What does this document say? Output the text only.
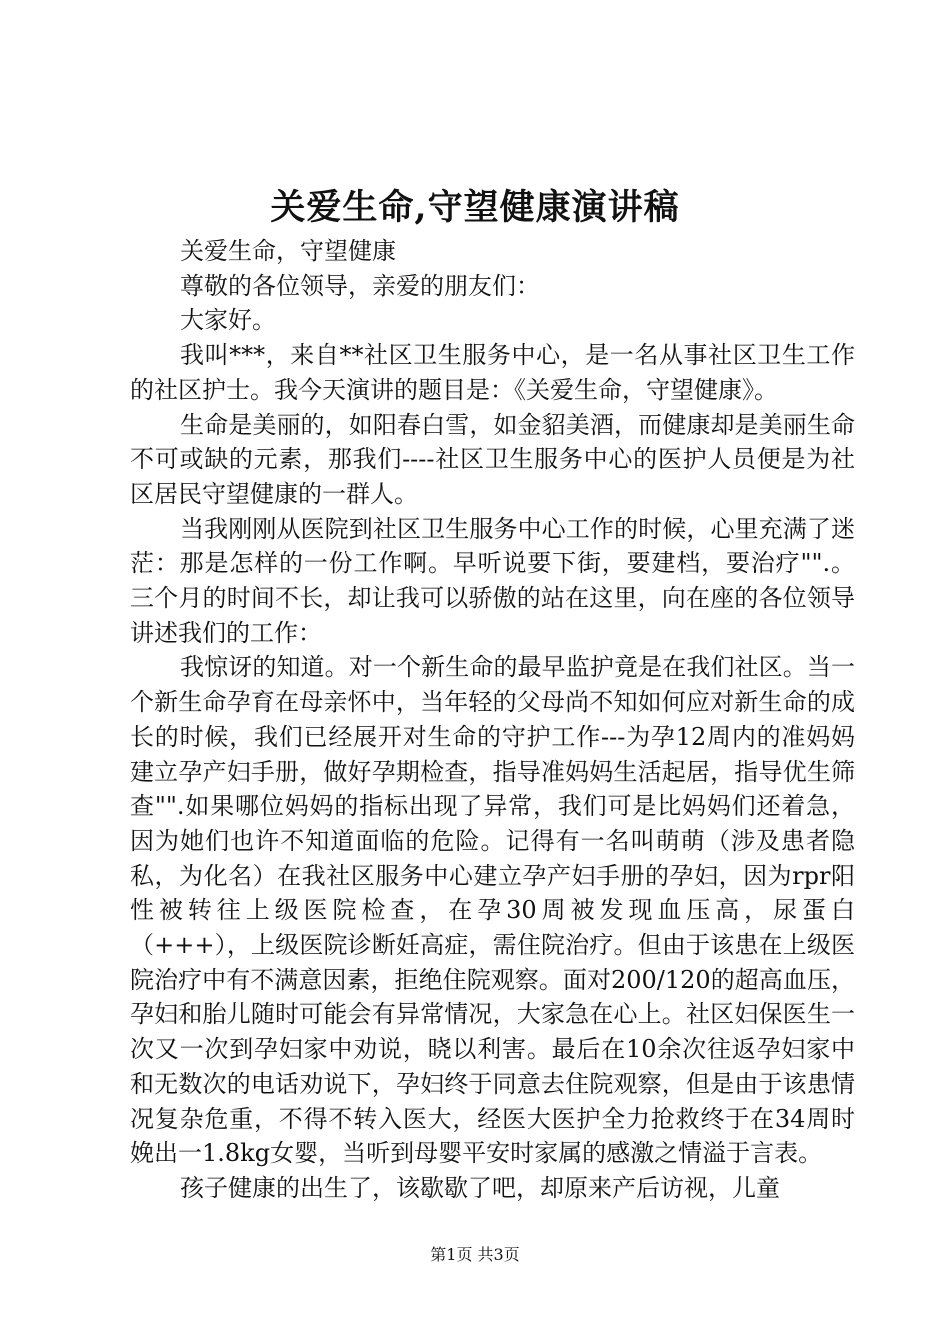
关爱生命,守望健康演讲稿

关爱生命，守望健康

尊敬的各位领导，亲爱的朋友们：

大家好。

我叫***，来自**社区卫生服务中心，是一名从事社区卫生工作的社区护士。我今天演讲的题目是：《关爱生命，守望健康》。

生命是美丽的，如阳春白雪，如金貂美酒，而健康却是美丽生命不可或缺的元素，那我们----社区卫生服务中心的医护人员便是为社区居民守望健康的一群人。

当我刚刚从医院到社区卫生服务中心工作的时候，心里充满了迷茫：那是怎样的一份工作啊。早听说要下街，要建档，要治疗"".。三个月的时间不长，却让我可以骄傲的站在这里，向在座的各位领导讲述我们的工作：

我惊讶的知道。对一个新生命的最早监护竟是在我们社区。当一个新生命孕育在母亲怀中，当年轻的父母尚不知如何应对新生命的成长的时候，我们已经展开对生命的守护工作---为孕12周内的准妈妈建立孕产妇手册，做好孕期检查，指导准妈妈生活起居，指导优生筛查"".如果哪位妈妈的指标出现了异常，我们可是比妈妈们还着急，因为她们也许不知道面临的危险。记得有一名叫萌萌（涉及患者隐私，为化名）在我社区服务中心建立孕产妇手册的孕妇，因为rpr阳性被转往上级医院检查，在孕30周被发现血压高，尿蛋白（+++），上级医院诊断妊高症，需住院治疗。但由于该患在上级医院治疗中有不满意因素，拒绝住院观察。面对200/120的超高血压，孕妇和胎儿随时可能会有异常情况，大家急在心上。社区妇保医生一次又一次到孕妇家中劝说，晓以利害。最后在10余次往返孕妇家中和无数次的电话劝说下，孕妇终于同意去住院观察，但是由于该患情况复杂危重，不得不转入医大，经医大医护全力抢救终于在34周时娩出一1.8kg女婴，当听到母婴平安时家属的感激之情溢于言表。

孩子健康的出生了，该歇歇了吧，却原来产后访视，儿童

第1页 共3页
